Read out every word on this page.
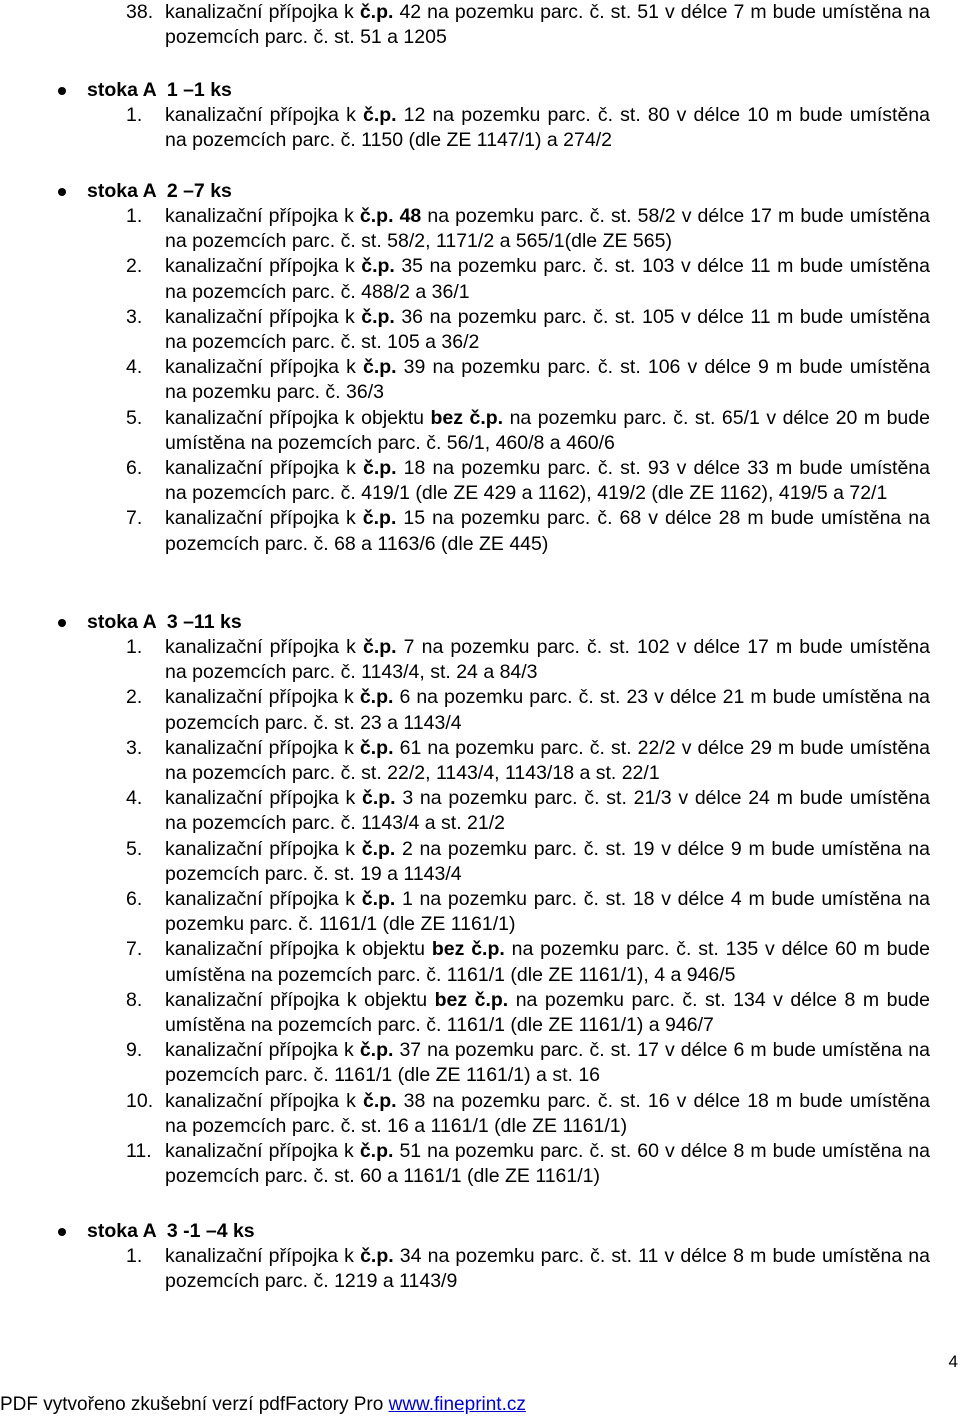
38. kanalizační přípojka k č.p. 42 na pozemku parc. č. st. 51 v délce 7 m bude umístěna na pozemcích parc. č. st. 51 a 1205
stoka A  1 –1 ks
1. kanalizační přípojka k č.p. 12 na pozemku parc. č. st. 80 v délce 10 m bude umístěna na pozemcích parc. č. 1150 (dle ZE 1147/1) a 274/2
stoka A  2 –7 ks
1. kanalizační přípojka k č.p. 48 na pozemku parc. č. st. 58/2 v délce 17 m bude umístěna na pozemcích parc. č. st. 58/2, 1171/2 a 565/1(dle ZE 565)
2. kanalizační přípojka k č.p. 35 na pozemku parc. č. st. 103 v délce 11 m bude umístěna na pozemcích parc. č. 488/2 a 36/1
3. kanalizační přípojka k č.p. 36 na pozemku parc. č. st. 105 v délce 11 m bude umístěna na pozemcích parc. č. st. 105 a 36/2
4. kanalizační přípojka k č.p. 39 na pozemku parc. č. st. 106 v délce 9 m bude umístěna na pozemku parc. č. 36/3
5. kanalizační přípojka k objektu bez č.p. na pozemku parc. č. st. 65/1 v délce 20 m bude umístěna na pozemcích parc. č. 56/1, 460/8 a 460/6
6. kanalizační přípojka k č.p. 18 na pozemku parc. č. st. 93 v délce 33 m bude umístěna na pozemcích parc. č. 419/1 (dle ZE 429 a 1162), 419/2 (dle ZE 1162), 419/5 a 72/1
7. kanalizační přípojka k č.p. 15 na pozemku parc. č. 68 v délce 28 m bude umístěna na pozemcích parc. č. 68 a 1163/6 (dle ZE 445)
stoka A  3 –11 ks
1. kanalizační přípojka k č.p. 7 na pozemku parc. č. st. 102 v délce 17 m bude umístěna na pozemcích parc. č. 1143/4, st. 24 a 84/3
2. kanalizační přípojka k č.p. 6 na pozemku parc. č. st. 23 v délce 21 m bude umístěna na pozemcích parc. č. st. 23 a 1143/4
3. kanalizační přípojka k č.p. 61 na pozemku parc. č. st. 22/2 v délce 29 m bude umístěna na pozemcích parc. č. st. 22/2, 1143/4, 1143/18 a st. 22/1
4. kanalizační přípojka k č.p. 3 na pozemku parc. č. st. 21/3 v délce 24 m bude umístěna na pozemcích parc. č. 1143/4 a st. 21/2
5. kanalizační přípojka k č.p. 2 na pozemku parc. č. st. 19 v délce 9 m bude umístěna na pozemcích parc. č. st. 19 a 1143/4
6. kanalizační přípojka k č.p. 1 na pozemku parc. č. st. 18 v délce 4 m bude umístěna na pozemku parc. č. 1161/1 (dle ZE 1161/1)
7. kanalizační přípojka k objektu bez č.p. na pozemku parc. č. st. 135 v délce 60 m bude umístěna na pozemcích parc. č. 1161/1 (dle ZE 1161/1), 4 a 946/5
8. kanalizační přípojka k objektu bez č.p. na pozemku parc. č. st. 134 v délce 8 m bude umístěna na pozemcích parc. č. 1161/1 (dle ZE 1161/1) a 946/7
9. kanalizační přípojka k č.p. 37 na pozemku parc. č. st. 17 v délce 6 m bude umístěna na pozemcích parc. č. 1161/1 (dle ZE 1161/1) a st. 16
10. kanalizační přípojka k č.p. 38 na pozemku parc. č. st. 16 v délce 18 m bude umístěna na pozemcích parc. č. st. 16 a 1161/1 (dle ZE 1161/1)
11. kanalizační přípojka k č.p. 51 na pozemku parc. č. st. 60 v délce 8 m bude umístěna na pozemcích parc. č. st. 60 a 1161/1 (dle ZE 1161/1)
stoka A  3 -1 –4 ks
1. kanalizační přípojka k č.p. 34 na pozemku parc. č. st. 11 v délce 8 m bude umístěna na pozemcích parc. č. 1219 a 1143/9
4
PDF vytvořeno zkušební verzí pdfFactory Pro www.fineprint.cz
